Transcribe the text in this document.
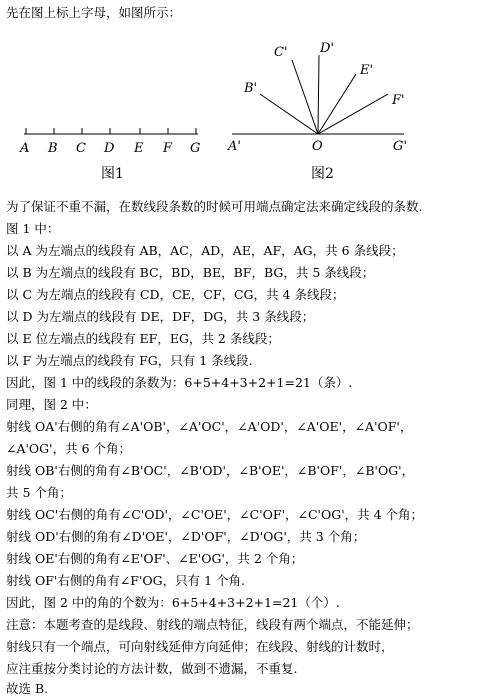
先在图上标上字母，如图所示：
A B C D E F G
图1
B'
C' D'
E'
F'
A'	O	G'
图2
为了保证不重不漏，在数线段条数的时候可用端点确定法来确定线段的条数.
图 1 中：
以 A 为左端点的线段有 AB，AC，AD，AE，AF，AG，共 6 条线段；
以 B 为左端点的线段有 BC，BD，BE，BF，BG，共 5 条线段；
以 C 为左端点的线段有 CD，CE，CF，CG，共 4 条线段；
以 D 为左端点的线段有 DE，DF，DG，共 3 条线段；
以 E 位左端点的线段有 EF，EG，共 2 条线段；
以 F 为左端点的线段有 FG，只有 1 条线段.
因此，图 1 中的线段的条数为：6+5+4+3+2+1=21（条）.
同理，图 2 中：
射线 OA'右侧的角有∠A'OB'，∠A'OC'，∠A'OD'，∠A'OE'，∠A'OF'，
∠A'OG'，共 6 个角；
射线 OB'右侧的角有∠B'OC'，∠B'OD'，∠B'OE'，∠B'OF'，∠B'OG'，
共 5 个角；
射线 OC'右侧的角有∠C'OD'，∠C'OE'，∠C'OF'，∠C'OG'，共 4 个角；
射线 OD'右侧的角有∠D'OE'，∠D'OF'，∠D'OG'，共 3 个角；
射线 OE'右侧的角有∠E'OF'、∠E'OG'，共 2 个角；
射线 OF'右侧的角有∠F'OG，只有 1 个角.
因此，图 2 中的角的个数为：6+5+4+3+2+1=21（个）.
注意：本题考查的是线段、射线的端点特征，线段有两个端点，不能延伸；
射线只有一个端点，可向射线延伸方向延伸；在线段、射线的计数时，
应注重按分类讨论的方法计数，做到不遗漏，不重复.
故选 B.
